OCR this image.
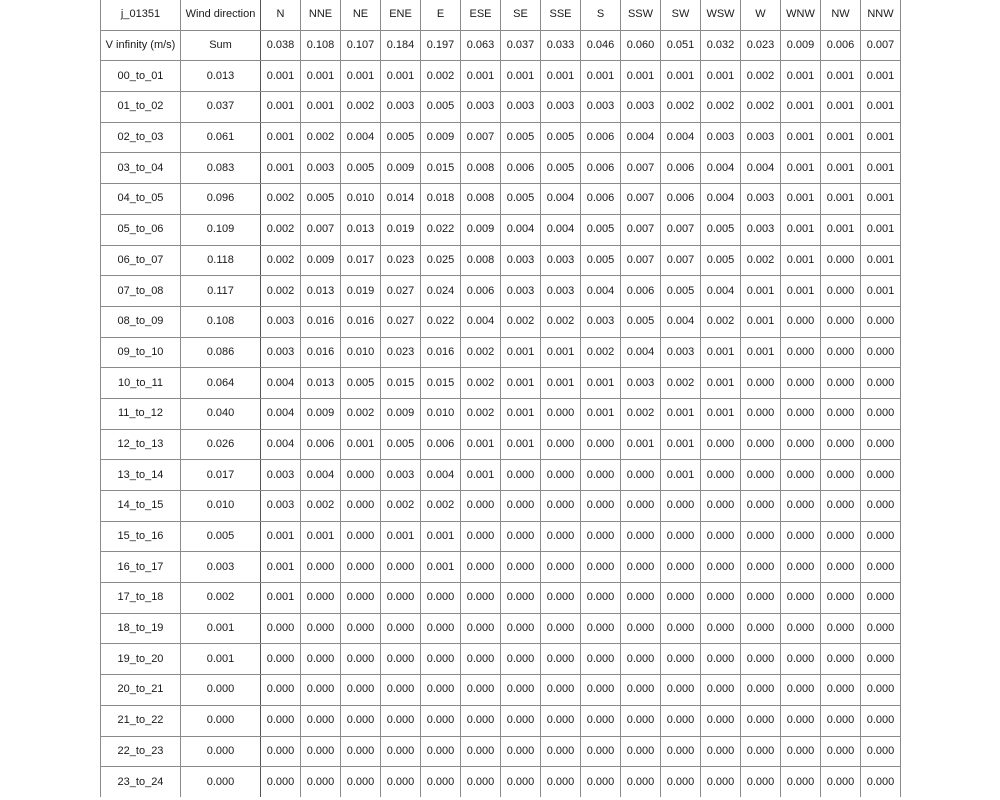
j_01351	Wind direction	N	NNE	NE	ENE	E	ESE	SE	SSE	S	SSW	SW	WSW	W	WNW	NW	NNW
V infinity (m/s)	Sum	0.038	0.108	0.107	0.184	0.197	0.063	0.037	0.033	0.046	0.060	0.051	0.032	0.023	0.009	0.006	0.007
00_to_01	0.013	0.001	0.001	0.001	0.001	0.002	0.001	0.001	0.001	0.001	0.001	0.001	0.001	0.002	0.001	0.001	0.001
01_to_02	0.037	0.001	0.001	0.002	0.003	0.005	0.003	0.003	0.003	0.003	0.003	0.002	0.002	0.002	0.001	0.001	0.001
02_to_03	0.061	0.001	0.002	0.004	0.005	0.009	0.007	0.005	0.005	0.006	0.004	0.004	0.003	0.003	0.001	0.001	0.001
03_to_04	0.083	0.001	0.003	0.005	0.009	0.015	0.008	0.006	0.005	0.006	0.007	0.006	0.004	0.004	0.001	0.001	0.001
04_to_05	0.096	0.002	0.005	0.010	0.014	0.018	0.008	0.005	0.004	0.006	0.007	0.006	0.004	0.003	0.001	0.001	0.001
05_to_06	0.109	0.002	0.007	0.013	0.019	0.022	0.009	0.004	0.004	0.005	0.007	0.007	0.005	0.003	0.001	0.001	0.001
06_to_07	0.118	0.002	0.009	0.017	0.023	0.025	0.008	0.003	0.003	0.005	0.007	0.007	0.005	0.002	0.001	0.000	0.001
07_to_08	0.117	0.002	0.013	0.019	0.027	0.024	0.006	0.003	0.003	0.004	0.006	0.005	0.004	0.001	0.001	0.000	0.001
08_to_09	0.108	0.003	0.016	0.016	0.027	0.022	0.004	0.002	0.002	0.003	0.005	0.004	0.002	0.001	0.000	0.000	0.000
09_to_10	0.086	0.003	0.016	0.010	0.023	0.016	0.002	0.001	0.001	0.002	0.004	0.003	0.001	0.001	0.000	0.000	0.000
10_to_11	0.064	0.004	0.013	0.005	0.015	0.015	0.002	0.001	0.001	0.001	0.003	0.002	0.001	0.000	0.000	0.000	0.000
11_to_12	0.040	0.004	0.009	0.002	0.009	0.010	0.002	0.001	0.000	0.001	0.002	0.001	0.001	0.000	0.000	0.000	0.000
12_to_13	0.026	0.004	0.006	0.001	0.005	0.006	0.001	0.001	0.000	0.000	0.001	0.001	0.000	0.000	0.000	0.000	0.000
13_to_14	0.017	0.003	0.004	0.000	0.003	0.004	0.001	0.000	0.000	0.000	0.000	0.001	0.000	0.000	0.000	0.000	0.000
14_to_15	0.010	0.003	0.002	0.000	0.002	0.002	0.000	0.000	0.000	0.000	0.000	0.000	0.000	0.000	0.000	0.000	0.000
15_to_16	0.005	0.001	0.001	0.000	0.001	0.001	0.000	0.000	0.000	0.000	0.000	0.000	0.000	0.000	0.000	0.000	0.000
16_to_17	0.003	0.001	0.000	0.000	0.000	0.001	0.000	0.000	0.000	0.000	0.000	0.000	0.000	0.000	0.000	0.000	0.000
17_to_18	0.002	0.001	0.000	0.000	0.000	0.000	0.000	0.000	0.000	0.000	0.000	0.000	0.000	0.000	0.000	0.000	0.000
18_to_19	0.001	0.000	0.000	0.000	0.000	0.000	0.000	0.000	0.000	0.000	0.000	0.000	0.000	0.000	0.000	0.000	0.000
19_to_20	0.001	0.000	0.000	0.000	0.000	0.000	0.000	0.000	0.000	0.000	0.000	0.000	0.000	0.000	0.000	0.000	0.000
20_to_21	0.000	0.000	0.000	0.000	0.000	0.000	0.000	0.000	0.000	0.000	0.000	0.000	0.000	0.000	0.000	0.000	0.000
21_to_22	0.000	0.000	0.000	0.000	0.000	0.000	0.000	0.000	0.000	0.000	0.000	0.000	0.000	0.000	0.000	0.000	0.000
22_to_23	0.000	0.000	0.000	0.000	0.000	0.000	0.000	0.000	0.000	0.000	0.000	0.000	0.000	0.000	0.000	0.000	0.000
23_to_24	0.000	0.000	0.000	0.000	0.000	0.000	0.000	0.000	0.000	0.000	0.000	0.000	0.000	0.000	0.000	0.000	0.000
